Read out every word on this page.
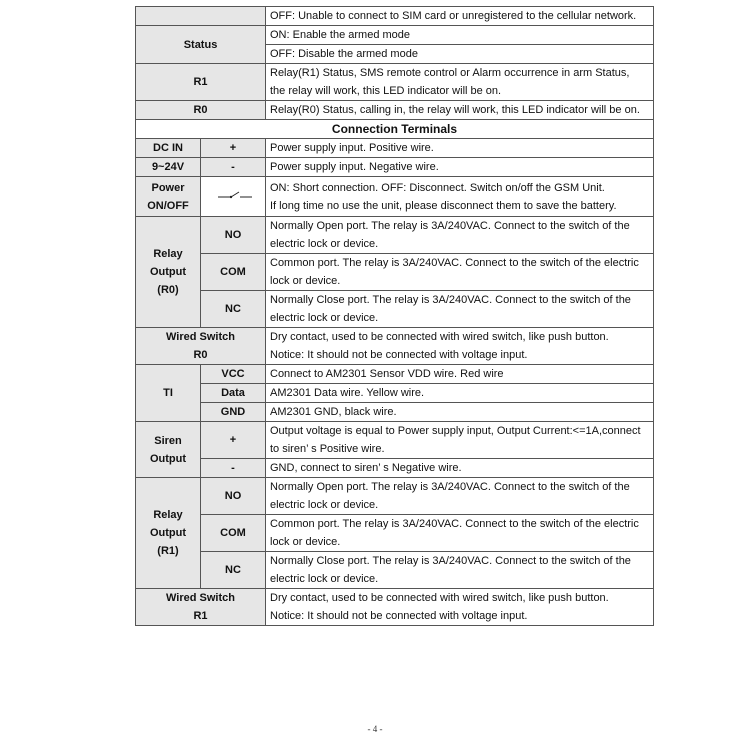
		OFF: Unable to connect to SIM card or unregistered to the cellular network.

Status		ON: Enable the armed mode

		OFF: Disable the armed mode

R1		Relay(R1) Status, SMS remote control or Alarm occurrence in arm Status,
the relay will work, this LED indicator will be on.

R0		Relay(R0) Status, calling in, the relay will work, this LED indicator will be on.

Connection Terminals		
DC IN	+	Power supply input. Positive wire.

9~24V	-	Power supply input. Negative wire.

Power
ON/OFF		ON: Short connection. OFF: Disconnect. Switch on/off the GSM Unit.
If long time no use the unit, please disconnect them to save the battery.

Relay
Output
(R0)	NO	Normally Open port. The relay is 3A/240VAC. Connect to the switch of the
electric lock or device.

	COM	Common port. The relay is 3A/240VAC. Connect to the switch of the electric
lock or device.

	NC	Normally Close port. The relay is 3A/240VAC. Connect to the switch of the
electric lock or device.

Wired Switch
R0		Dry contact, used to be connected with wired switch, like push button.
Notice: It should not be connected with voltage input.

TI	VCC	Connect to AM2301 Sensor VDD wire. Red wire

	Data	AM2301 Data wire. Yellow wire.

	GND	AM2301 GND, black wire.

Siren
Output	+	Output voltage is equal to Power supply input, Output Current:<=1A,connect
to siren’ s Positive wire.

	-	GND, connect to siren’ s Negative wire.

Relay
Output
(R1)	NO	Normally Open port. The relay is 3A/240VAC. Connect to the switch of the
electric lock or device.

	COM	Common port. The relay is 3A/240VAC. Connect to the switch of the electric
lock or device.

	NC	Normally Close port. The relay is 3A/240VAC. Connect to the switch of the
electric lock or device.

Wired Switch
R1		Dry contact, used to be connected with wired switch, like push button.
Notice: It should not be connected with voltage input.
- 4 -
